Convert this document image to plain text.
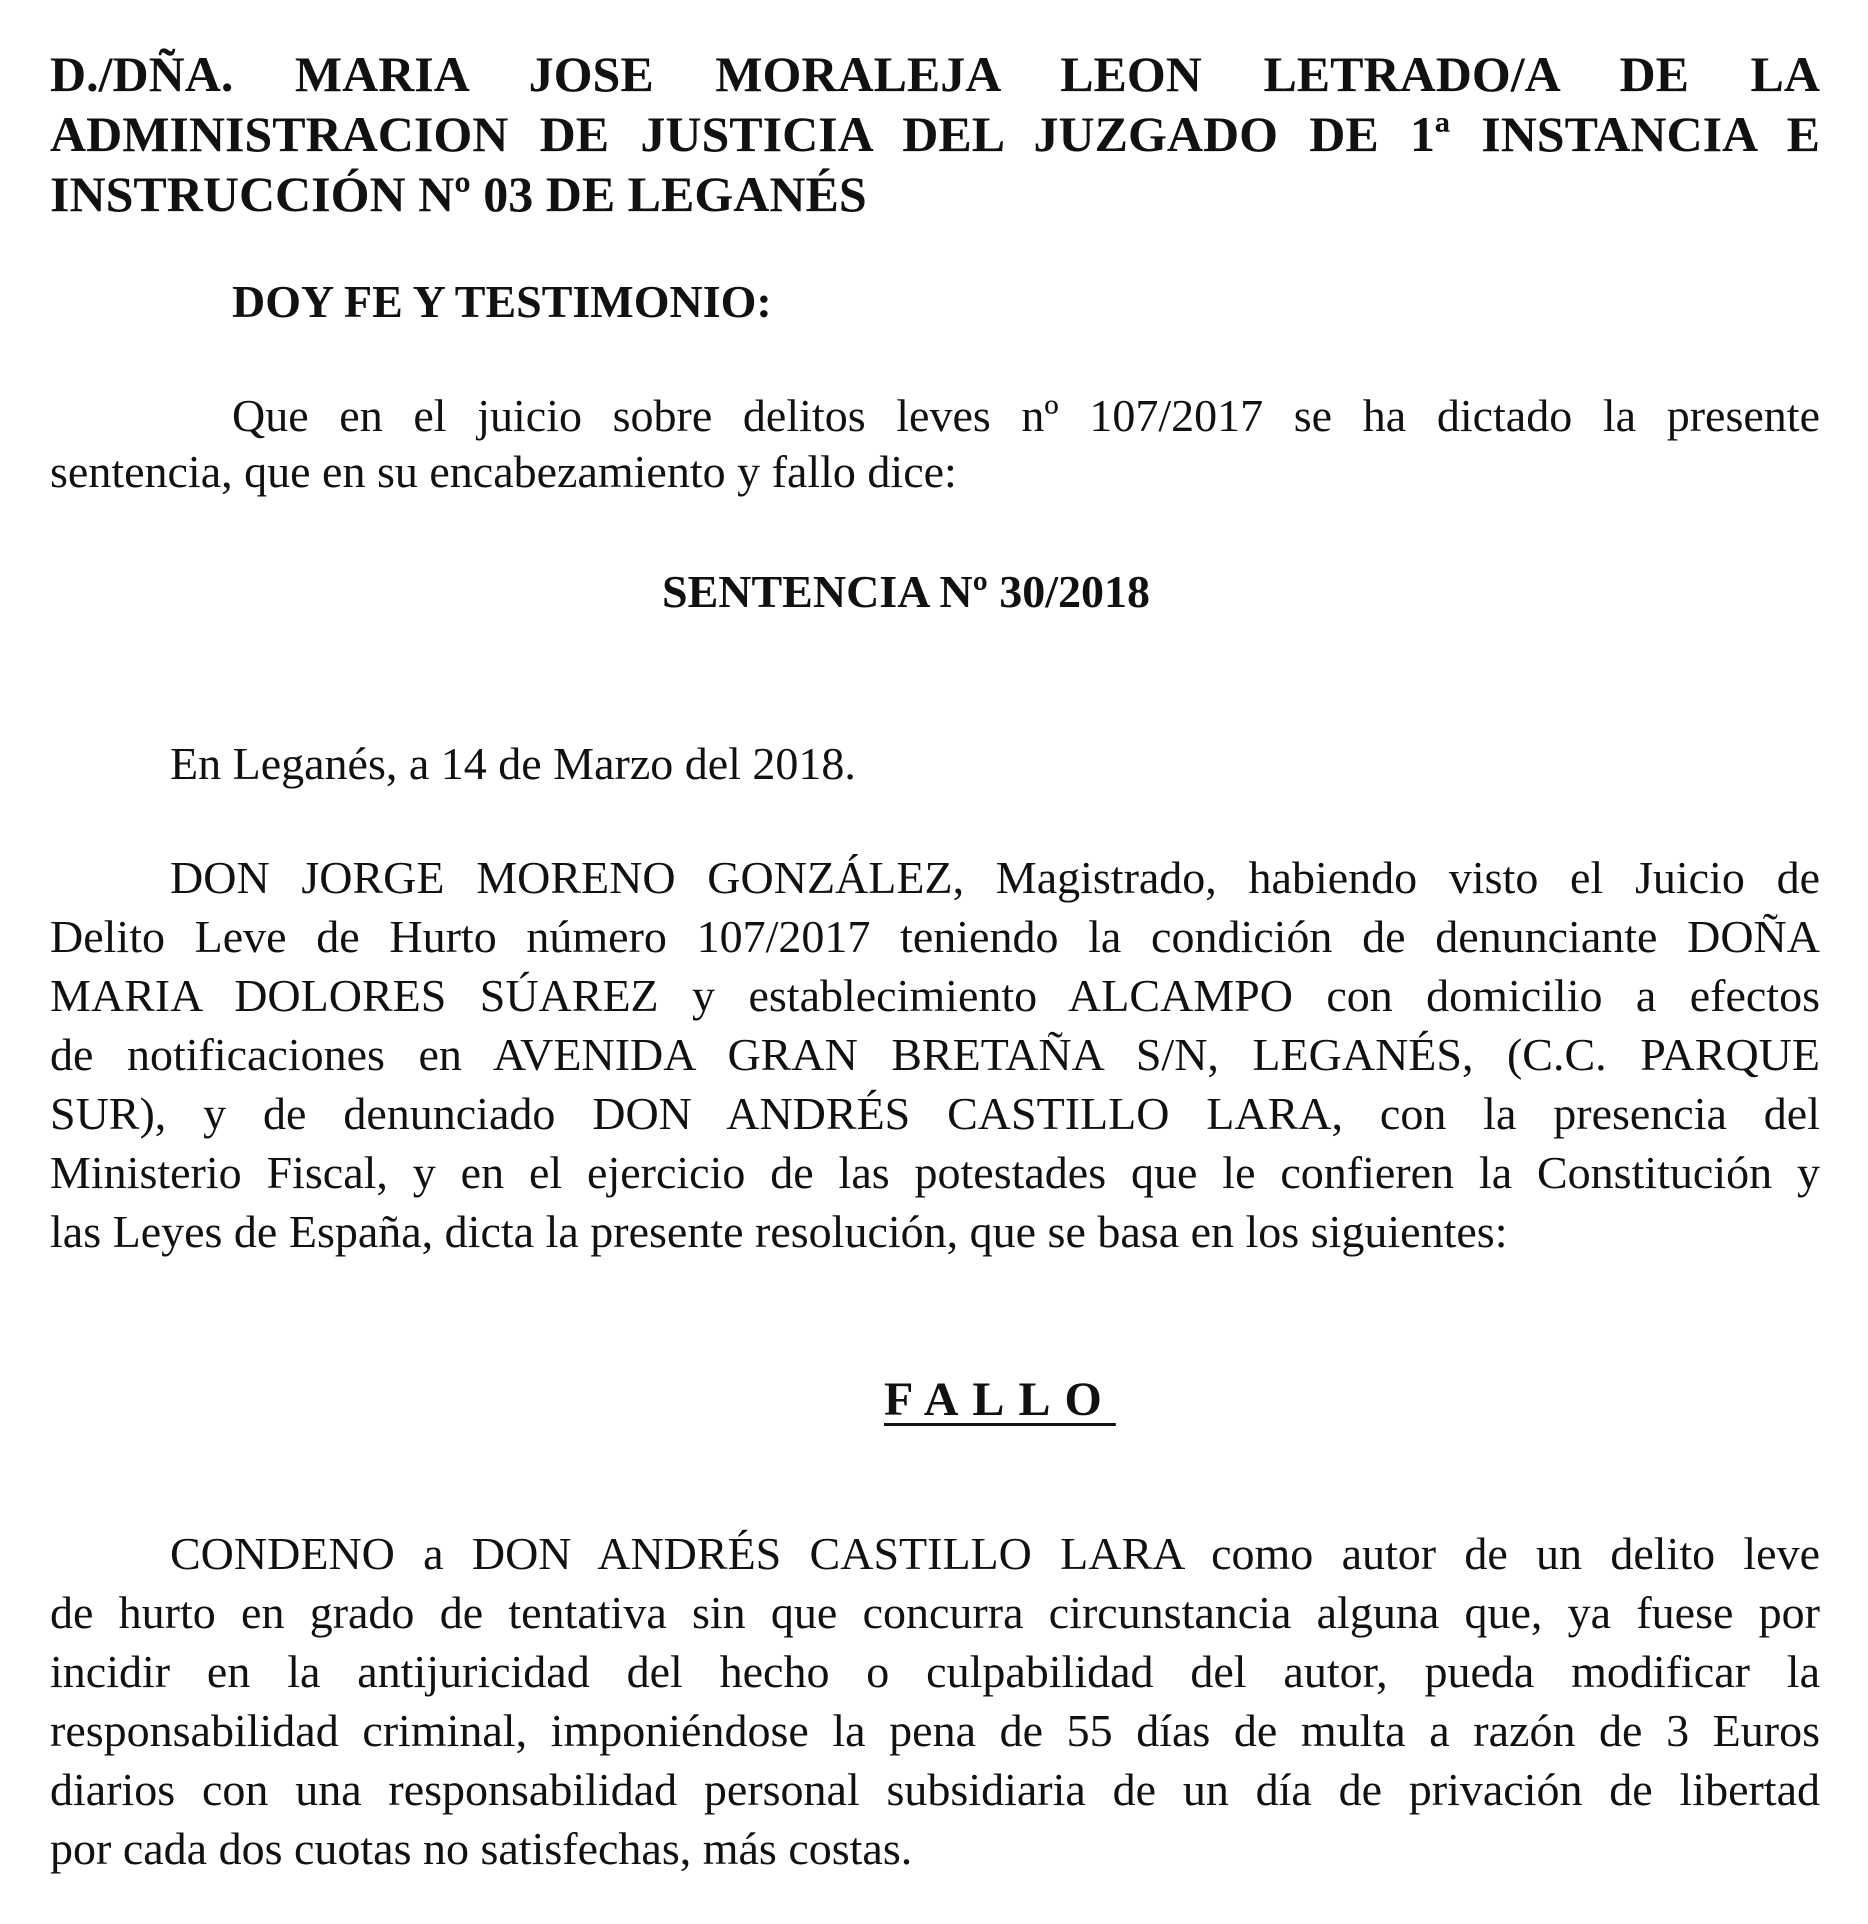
D./DÑA. MARIA JOSE MORALEJA LEON LETRADO/A DE LA
ADMINISTRACION DE JUSTICIA DEL JUZGADO DE 1ª INSTANCIA E
INSTRUCCIÓN Nº 03 DE LEGANÉS
DOY FE Y TESTIMONIO:
Que en el juicio sobre delitos leves nº 107/2017 se ha dictado la presente
sentencia, que en su encabezamiento y fallo dice:
SENTENCIA Nº 30/2018
En Leganés, a 14 de Marzo del 2018.
DON JORGE MORENO GONZÁLEZ, Magistrado, habiendo visto el Juicio de
Delito Leve de Hurto número 107/2017 teniendo la condición de denunciante DOÑA
MARIA DOLORES SÚAREZ y establecimiento ALCAMPO con domicilio a efectos
de notificaciones en AVENIDA GRAN BRETAÑA S/N, LEGANÉS, (C.C. PARQUE
SUR), y de denunciado DON ANDRÉS CASTILLO LARA, con la presencia del
Ministerio Fiscal, y en el ejercicio de las potestades que le confieren la Constitución y
las Leyes de España, dicta la presente resolución, que se basa en los siguientes:
FALLO
CONDENO a DON ANDRÉS CASTILLO LARA como autor de un delito leve
de hurto en grado de tentativa sin que concurra circunstancia alguna que, ya fuese por
incidir en la antijuricidad del hecho o culpabilidad del autor, pueda modificar la
responsabilidad criminal, imponiéndose la pena de 55 días de multa a razón de 3 Euros
diarios con una responsabilidad personal subsidiaria de un día de privación de libertad
por cada dos cuotas no satisfechas, más costas.
